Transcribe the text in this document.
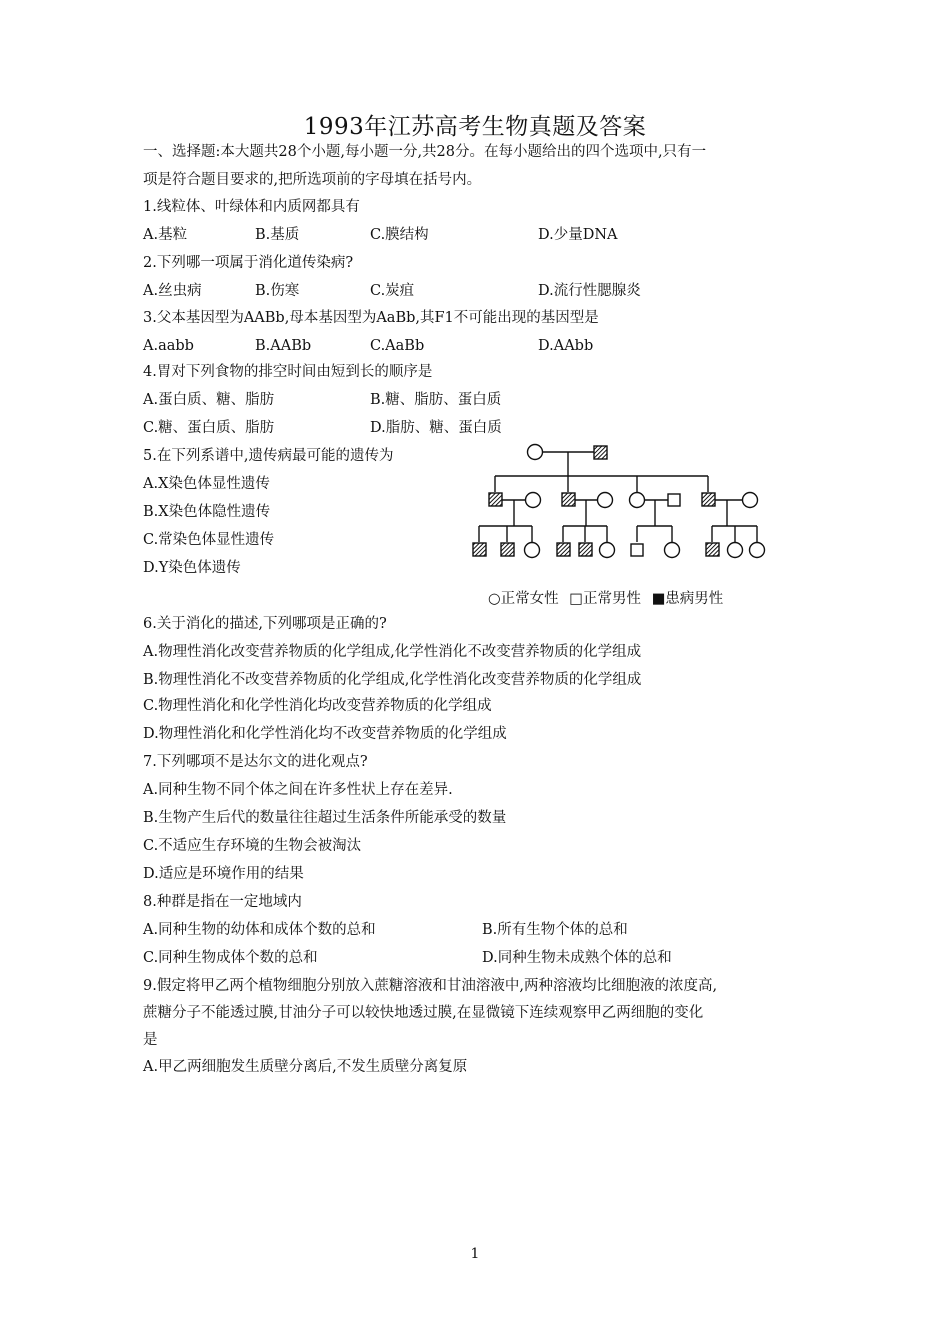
1993年江苏高考生物真题及答案
一、选择题:本大题共28个小题,每小题一分,共28分。在每小题给出的四个选项中,只有一
项是符合题目要求的,把所选项前的字母填在括号内。
1.线粒体、叶绿体和内质网都具有
A.基粒	B.基质	C.膜结构	D.少量DNA
2.下列哪一项属于消化道传染病?
A.丝虫病	B.伤寒	C.炭疽	D.流行性腮腺炎
3.父本基因型为AABb,母本基因型为AaBb,其F1不可能出现的基因型是
A.aabb	B.AABb	C.AaBb	D.AAbb
4.胃对下列食物的排空时间由短到长的顺序是
A.蛋白质、糖、脂肪	B.糖、脂肪、蛋白质
C.糖、蛋白质、脂肪	D.脂肪、糖、蛋白质
5.在下列系谱中,遗传病最可能的遗传为
A.X染色体显性遗传
B.X染色体隐性遗传
C.常染色体显性遗传
D.Y染色体遗传
○正常女性 □正常男性 ■患病男性
6.关于消化的描述,下列哪项是正确的?
A.物理性消化改变营养物质的化学组成,化学性消化不改变营养物质的化学组成
B.物理性消化不改变营养物质的化学组成,化学性消化改变营养物质的化学组成
C.物理性消化和化学性消化均改变营养物质的化学组成
D.物理性消化和化学性消化均不改变营养物质的化学组成
7.下列哪项不是达尔文的进化观点?
A.同种生物不同个体之间在许多性状上存在差异.
B.生物产生后代的数量往往超过生活条件所能承受的数量
C.不适应生存环境的生物会被淘汰
D.适应是环境作用的结果
8.种群是指在一定地域内
A.同种生物的幼体和成体个数的总和	B.所有生物个体的总和
C.同种生物成体个数的总和	D.同种生物未成熟个体的总和
9.假定将甲乙两个植物细胞分别放入蔗糖溶液和甘油溶液中,两种溶液均比细胞液的浓度高,
蔗糖分子不能透过膜,甘油分子可以较快地透过膜,在显微镜下连续观察甲乙两细胞的变化
是
A.甲乙两细胞发生质壁分离后,不发生质壁分离复原
1
